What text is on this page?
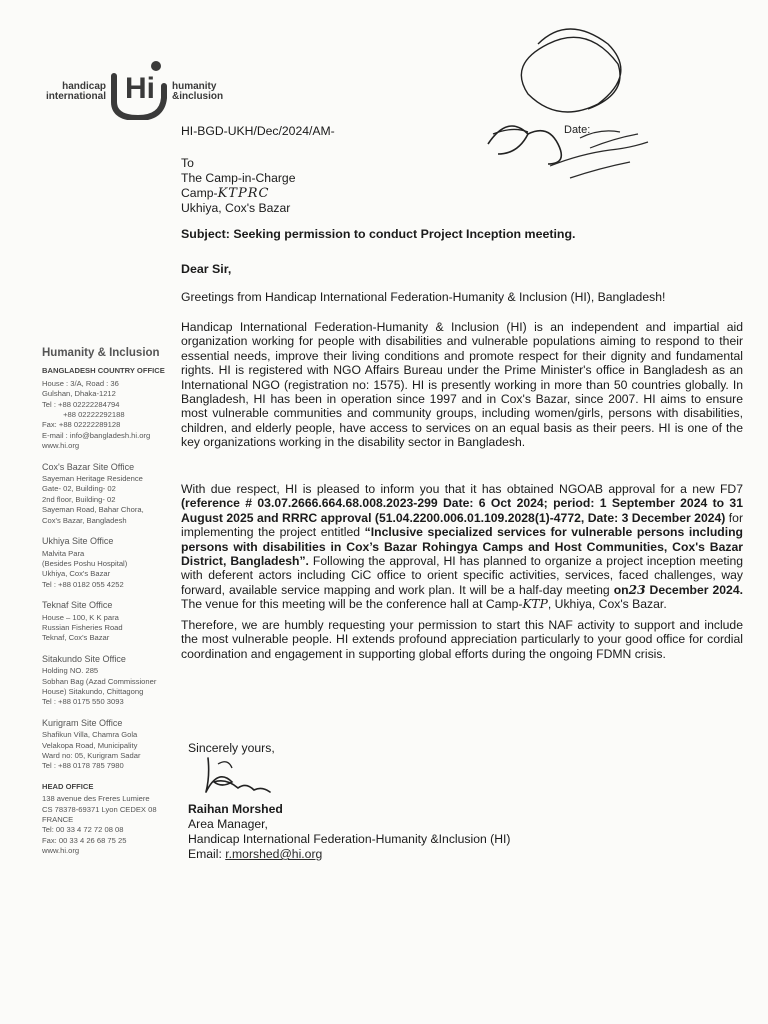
handicap
international Hi humanity
&inclusion
Humanity & Inclusion
BANGLADESH COUNTRY OFFICE
House : 3/A, Road : 36
Gulshan, Dhaka-1212
Tel : +88 02222284794
+88 02222292188
Fax: +88 02222289128
E-mail : info@bangladesh.hi.org
www.hi.org
Cox's Bazar Site Office
Sayeman Heritage Residence
Gate- 02, Building- 02
2nd floor, Building- 02
Sayeman Road, Bahar Chora,
Cox's Bazar, Bangladesh
Ukhiya Site Office
Malvita Para
(Besides Poshu Hospital)
Ukhiya, Cox's Bazar
Tel : +88 0182 055 4252
Teknaf Site Office
House – 100, K K para
Russian Fisheries Road
Teknaf, Cox's Bazar
Sitakundo Site Office
Holding NO. 285
Sobhan Bag (Azad Commissioner
House) Sitakundo, Chittagong
Tel : +88 0175 550 3093
Kurigram Site Office
Shafikun Villa, Chamra Gola
Velakopa Road, Municipality
Ward no: 05, Kurigram Sadar
Tel : +88 0178 785 7980
HEAD OFFICE
138 avenue des Freres Lumiere
CS 78378-69371 Lyon CEDEX 08
FRANCE
Tel: 00 33 4 72 72 08 08
Fax: 00 33 4 26 68 75 25
www.hi.org
HI-BGD-UKH/Dec/2024/AM-
To
The Camp-in-Charge
Camp-KTPRC
Ukhiya, Cox's Bazar
Subject: Seeking permission to conduct Project Inception meeting.
Dear Sir,
Greetings from Handicap International Federation-Humanity & Inclusion (HI), Bangladesh!
Handicap International Federation-Humanity & Inclusion (HI) is an independent and impartial aid organization working for people with disabilities and vulnerable populations aiming to respond to their essential needs, improve their living conditions and promote respect for their dignity and fundamental rights. HI is registered with NGO Affairs Bureau under the Prime Minister's office in Bangladesh as an International NGO (registration no: 1575). HI is presently working in more than 50 countries globally. In Bangladesh, HI has been in operation since 1997 and in Cox's Bazar, since 2007. HI aims to ensure most vulnerable communities and community groups, including women/girls, persons with disabilities, children, and elderly people, have access to services on an equal basis as their peers. HI is one of the key organizations working in the disability sector in Bangladesh.
With due respect, HI is pleased to inform you that it has obtained NGOAB approval for a new FD7 (reference # 03.07.2666.664.68.008.2023-299 Date: 6 Oct 2024; period: 1 September 2024 to 31 August 2025 and RRRC approval (51.04.2200.006.01.109.2028(1)-4772, Date: 3 December 2024) for implementing the project entitled “Inclusive specialized services for vulnerable persons including persons with disabilities in Cox’s Bazar Rohingya Camps and Host Communities, Cox's Bazar District, Bangladesh”. Following the approval, HI has planned to organize a project inception meeting with deferent actors including CiC office to orient specific activities, services, faced challenges, way forward, available service mapping and work plan. It will be a half-day meeting on23 December 2024. The venue for this meeting will be the conference hall at Camp-KTP, Ukhiya, Cox's Bazar.
Therefore, we are humbly requesting your permission to start this NAF activity to support and include the most vulnerable people. HI extends profound appreciation particularly to your good office for cordial coordination and engagement in supporting global efforts during the ongoing FDMN crisis.
Sincerely yours,
Raihan Morshed
Area Manager,
Handicap International Federation-Humanity &Inclusion (HI)
Email: r.morshed@hi.org
Date:
